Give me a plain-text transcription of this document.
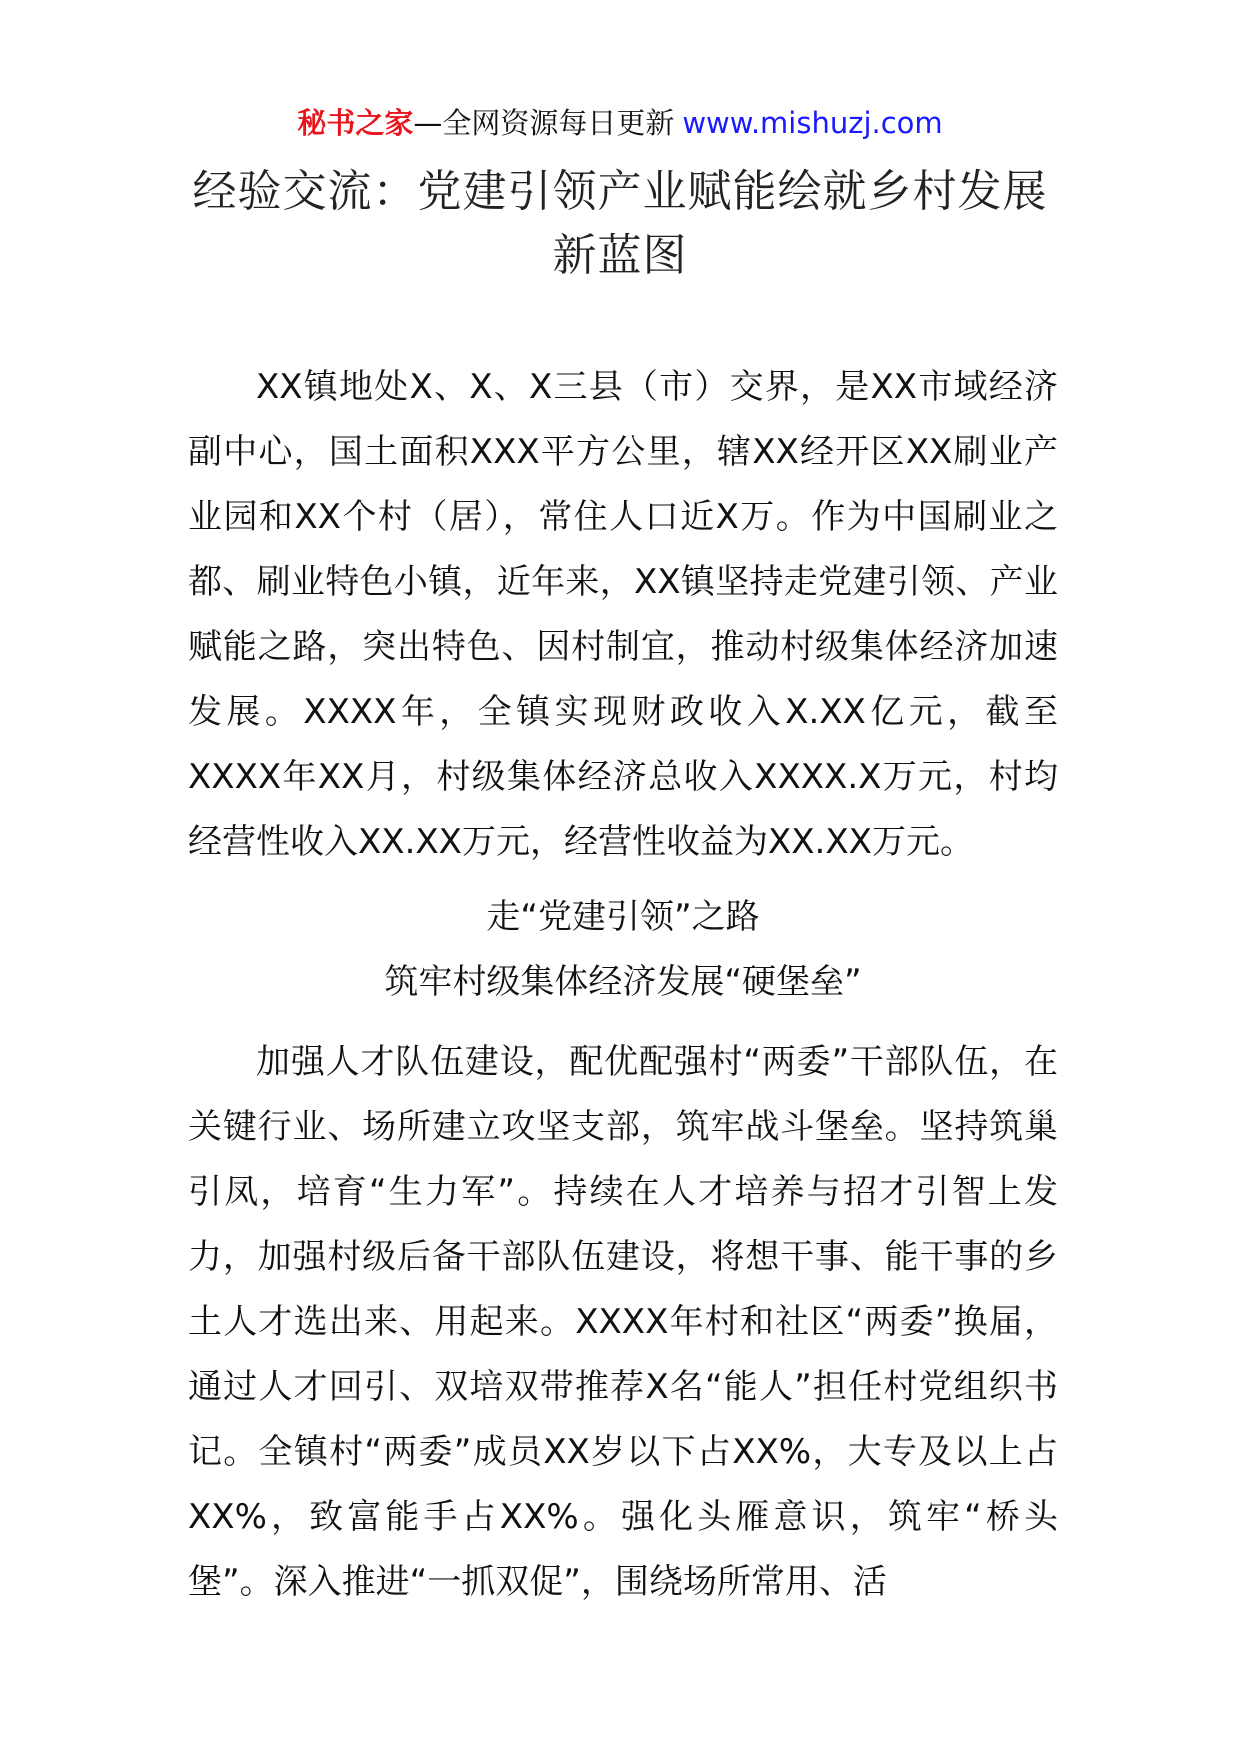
秘书之家—全网资源每日更新 www.mishuzj.com
经验交流：党建引领产业赋能绘就乡村发展新蓝图

XX镇地处X、X、X三县（市）交界，是XX市域经济副中心，国土面积XXX平方公里，辖XX经开区XX刷业产业园和XX个村（居），常住人口近X万。作为中国刷业之都、刷业特色小镇，近年来，XX镇坚持走党建引领、产业赋能之路，突出特色、因村制宜，推动村级集体经济加速发展。XXXX年，全镇实现财政收入X.XX亿元，截至XXXX年XX月，村级集体经济总收入XXXX.X万元，村均经营性收入XX.XX万元，经营性收益为XX.XX万元。

走“党建引领”之路
筑牢村级集体经济发展“硬堡垒”

加强人才队伍建设，配优配强村“两委”干部队伍，在关键行业、场所建立攻坚支部，筑牢战斗堡垒。坚持筑巢引凤，培育“生力军”。持续在人才培养与招才引智上发力，加强村级后备干部队伍建设，将想干事、能干事的乡土人才选出来、用起来。XXXX年村和社区“两委”换届，通过人才回引、双培双带推荐X名“能人”担任村党组织书记。全镇村“两委”成员XX岁以下占XX%，大专及以上占XX%，致富能手占XX%。强化头雁意识，筑牢“桥头堡”。深入推进“一抓双促”，围绕场所常用、活
